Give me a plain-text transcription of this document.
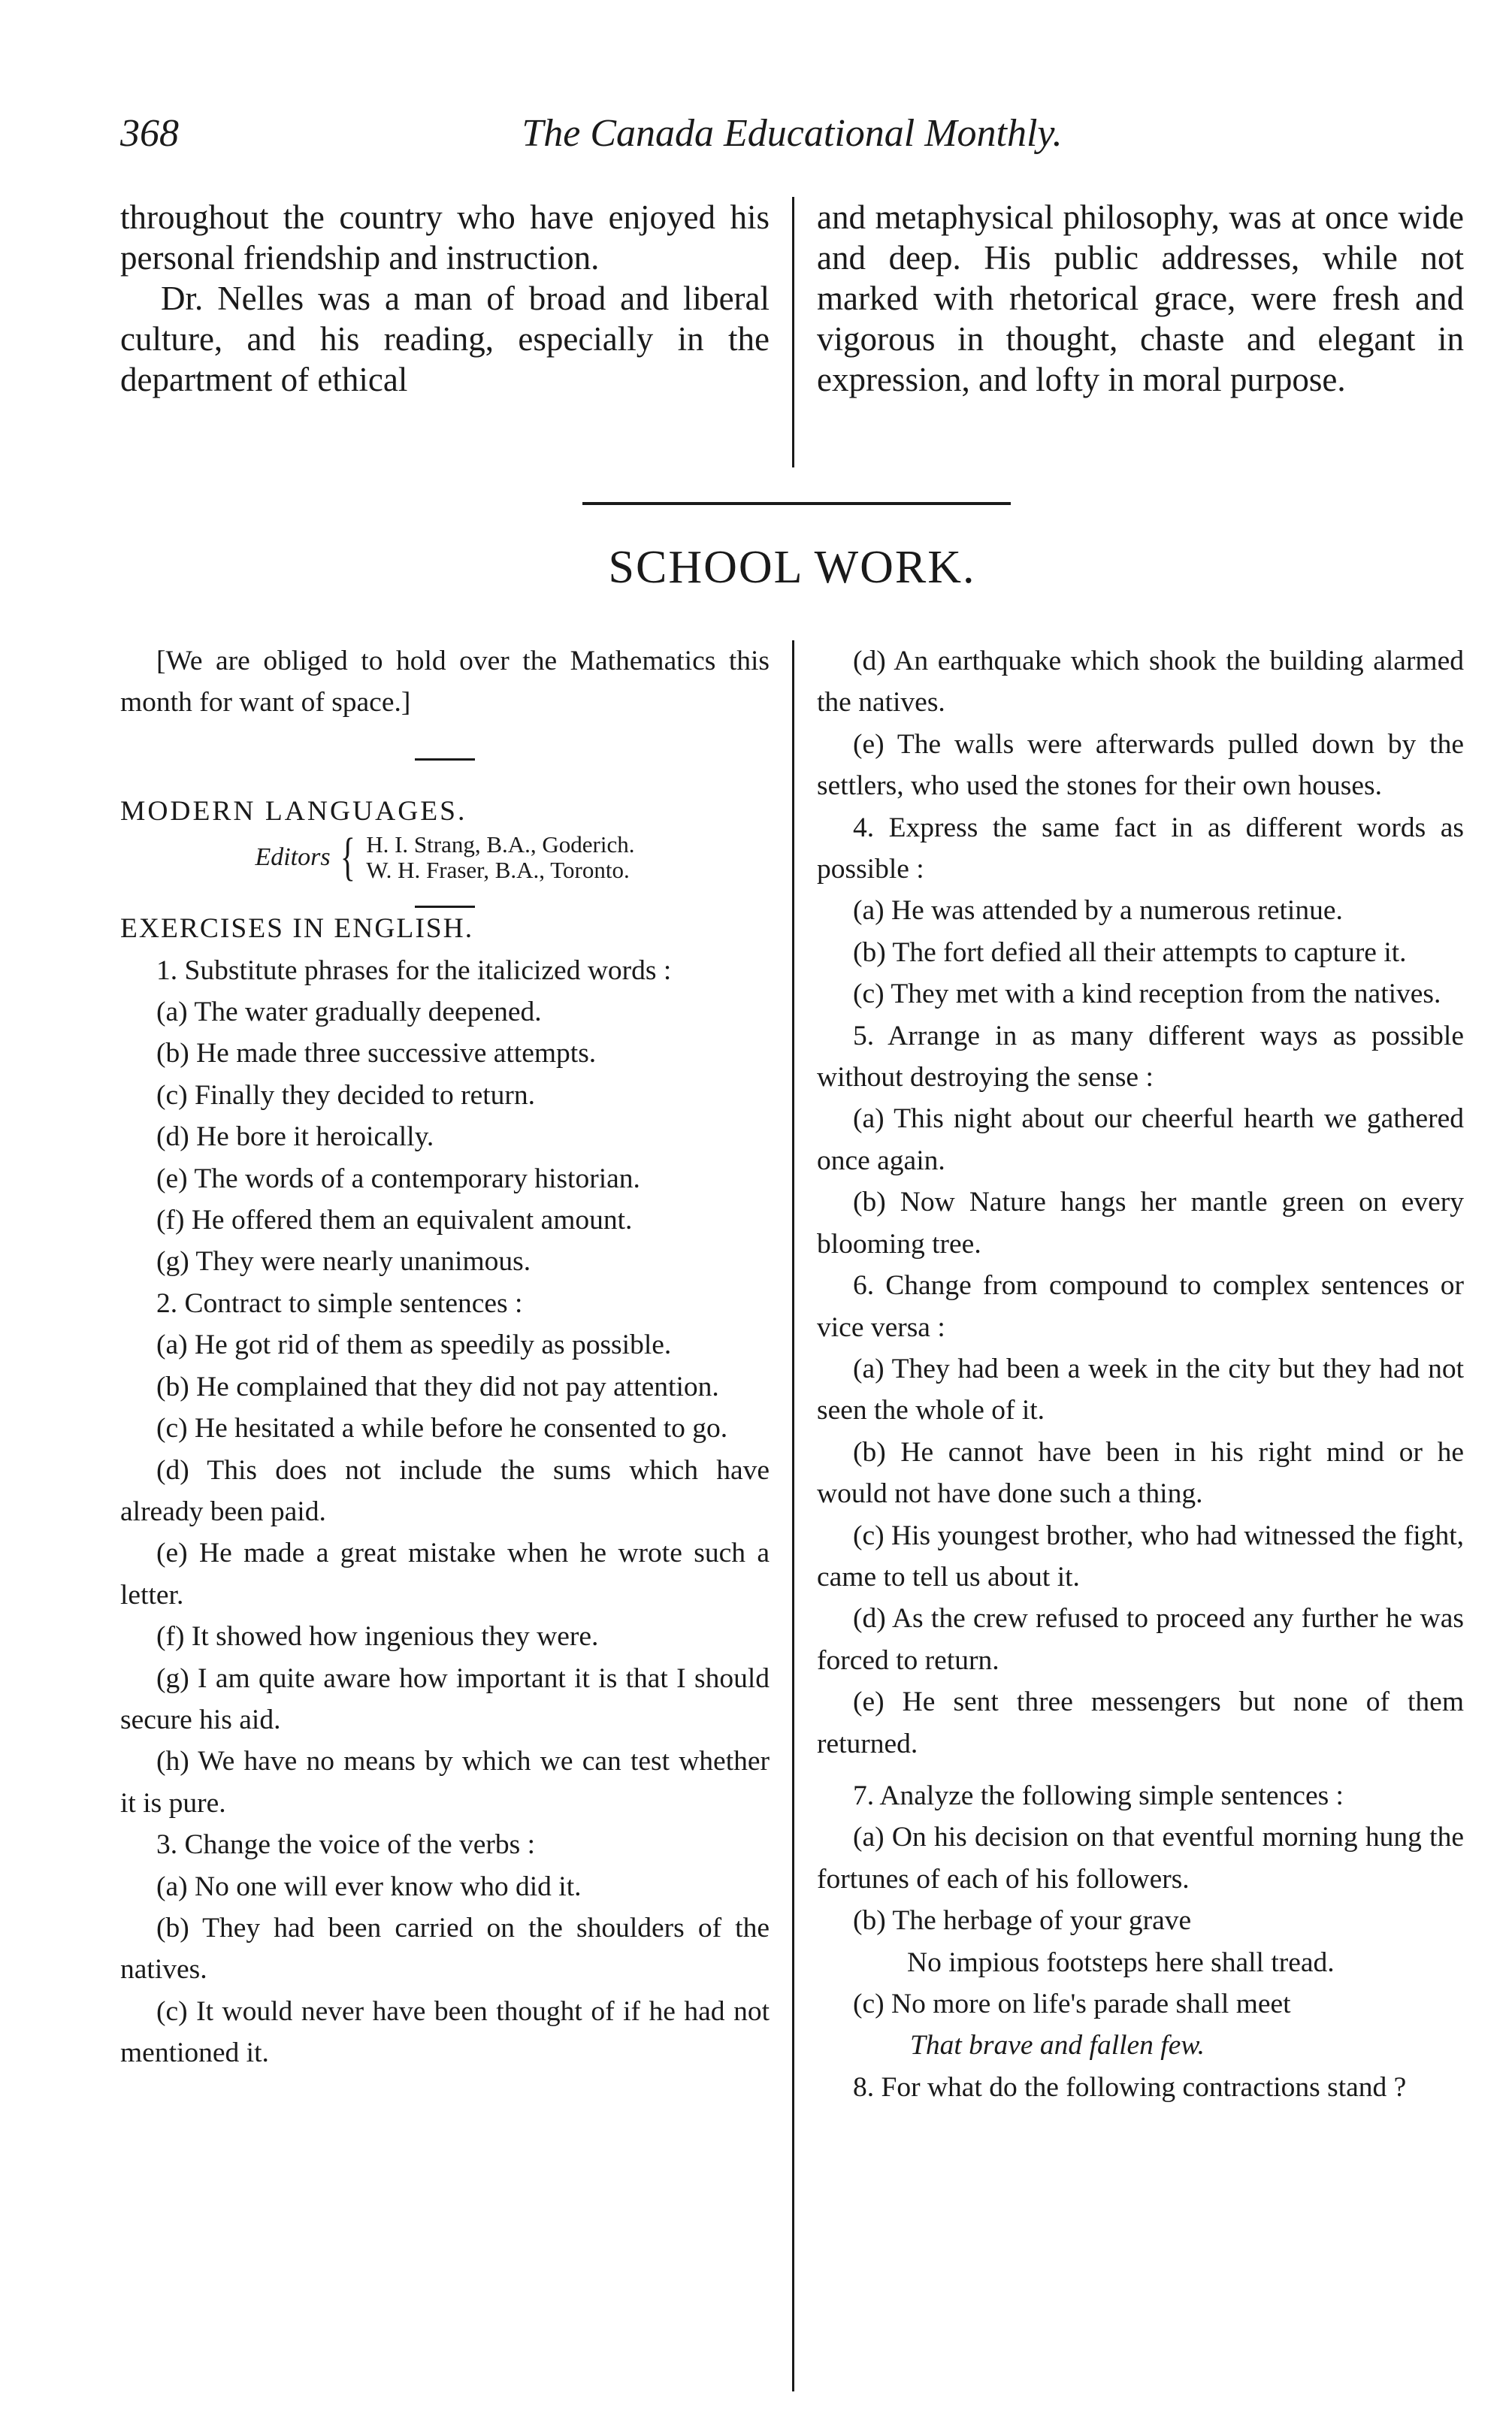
368	The Canada Educational Monthly.

throughout the country who have enjoyed his personal friendship and instruction.

Dr. Nelles was a man of broad and liberal culture, and his reading, especially in the department of ethical

and metaphysical philosophy, was at once wide and deep. His public addresses, while not marked with rhetorical grace, were fresh and vigorous in thought, chaste and elegant in expression, and lofty in moral purpose.

SCHOOL WORK.

[We are obliged to hold over the Mathematics this month for want of space.]

MODERN LANGUAGES.

Editors { H. I. Strang, B.A., Goderich.
W. H. Fraser, B.A., Toronto.

EXERCISES IN ENGLISH.

1. Substitute phrases for the italicized words :

(a) The water gradually deepened.

(b) He made three successive attempts.

(c) Finally they decided to return.

(d) He bore it heroically.

(e) The words of a contemporary historian.

(f) He offered them an equivalent amount.

(g) They were nearly unanimous.

2. Contract to simple sentences :

(a) He got rid of them as speedily as possible.

(b) He complained that they did not pay attention.

(c) He hesitated a while before he consented to go.

(d) This does not include the sums which have already been paid.

(e) He made a great mistake when he wrote such a letter.

(f) It showed how ingenious they were.

(g) I am quite aware how important it is that I should secure his aid.

(h) We have no means by which we can test whether it is pure.

3. Change the voice of the verbs :

(a) No one will ever know who did it.

(b) They had been carried on the shoulders of the natives.

(c) It would never have been thought of if he had not mentioned it.

(d) An earthquake which shook the building alarmed the natives.

(e) The walls were afterwards pulled down by the settlers, who used the stones for their own houses.

4. Express the same fact in as different words as possible :

(a) He was attended by a numerous retinue.

(b) The fort defied all their attempts to capture it.

(c) They met with a kind reception from the natives.

5. Arrange in as many different ways as possible without destroying the sense :

(a) This night about our cheerful hearth we gathered once again.

(b) Now Nature hangs her mantle green on every blooming tree.

6. Change from compound to complex sentences or vice versa :

(a) They had been a week in the city but they had not seen the whole of it.

(b) He cannot have been in his right mind or he would not have done such a thing.

(c) His youngest brother, who had witnessed the fight, came to tell us about it.

(d) As the crew refused to proceed any further he was forced to return.

(e) He sent three messengers but none of them returned.

7. Analyze the following simple sentences :

(a) On his decision on that eventful morning hung the fortunes of each of his followers.

(b) The herbage of your grave

No impious footsteps here shall tread.

(c) No more on life's parade shall meet

That brave and fallen few.

8. For what do the following contractions stand ?
